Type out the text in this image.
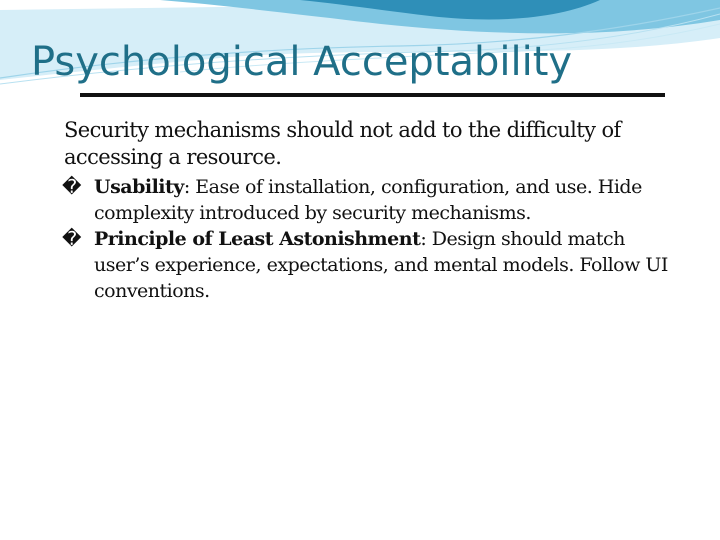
Psychological Acceptability

Security mechanisms should not add to the difficulty of accessing a resource.

� Usability: Ease of installation, configuration, and use. Hide complexity introduced by security mechanisms.
� Principle of Least Astonishment: Design should match user’s experience, expectations, and mental models. Follow UI conventions.
